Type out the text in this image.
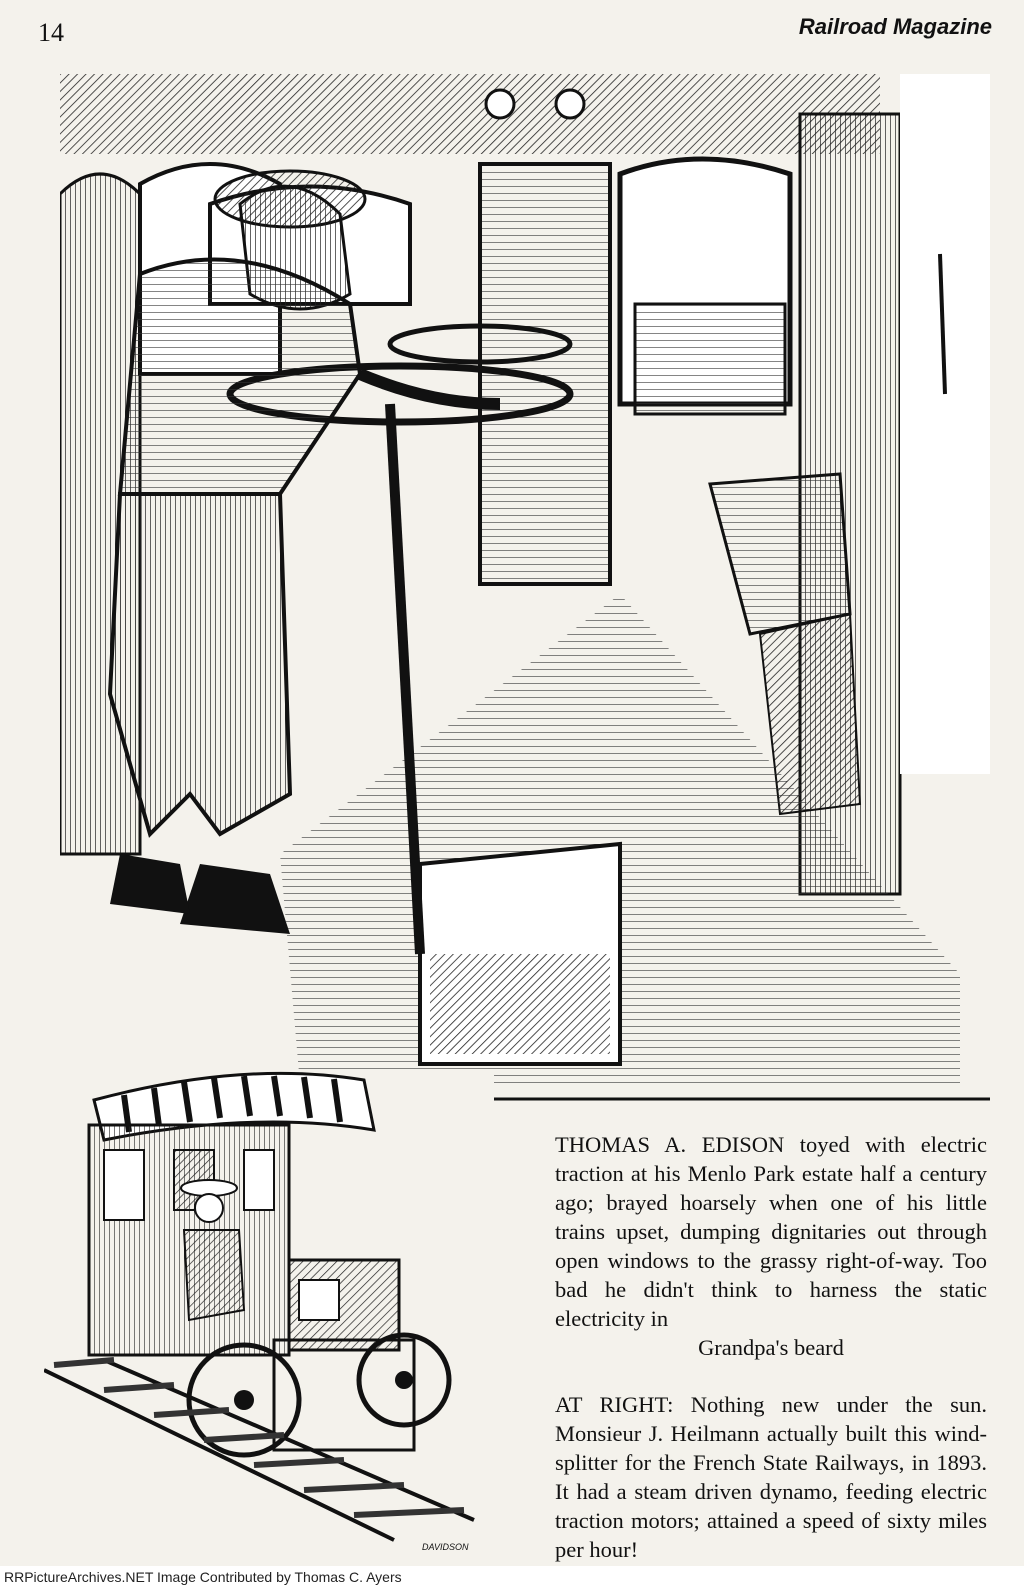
14	Railroad Magazine
DAVIDSON
THOMAS A. EDISON toyed with electric traction at his Menlo Park estate half a century ago; brayed hoarsely when one of his little trains upset, dumping dignitaries out through open windows to the grassy right-of-way. Too bad he didn't think to harness the static electricity in
Grandpa's beard
AT RIGHT: Nothing new under the sun. Monsieur J. Heilmann actually built this wind-splitter for the French State Railways, in 1893. It had a steam driven dynamo, feeding electric traction motors; attained a speed of sixty miles per hour!
RRPictureArchives.NET Image Contributed by Thomas C. Ayers
